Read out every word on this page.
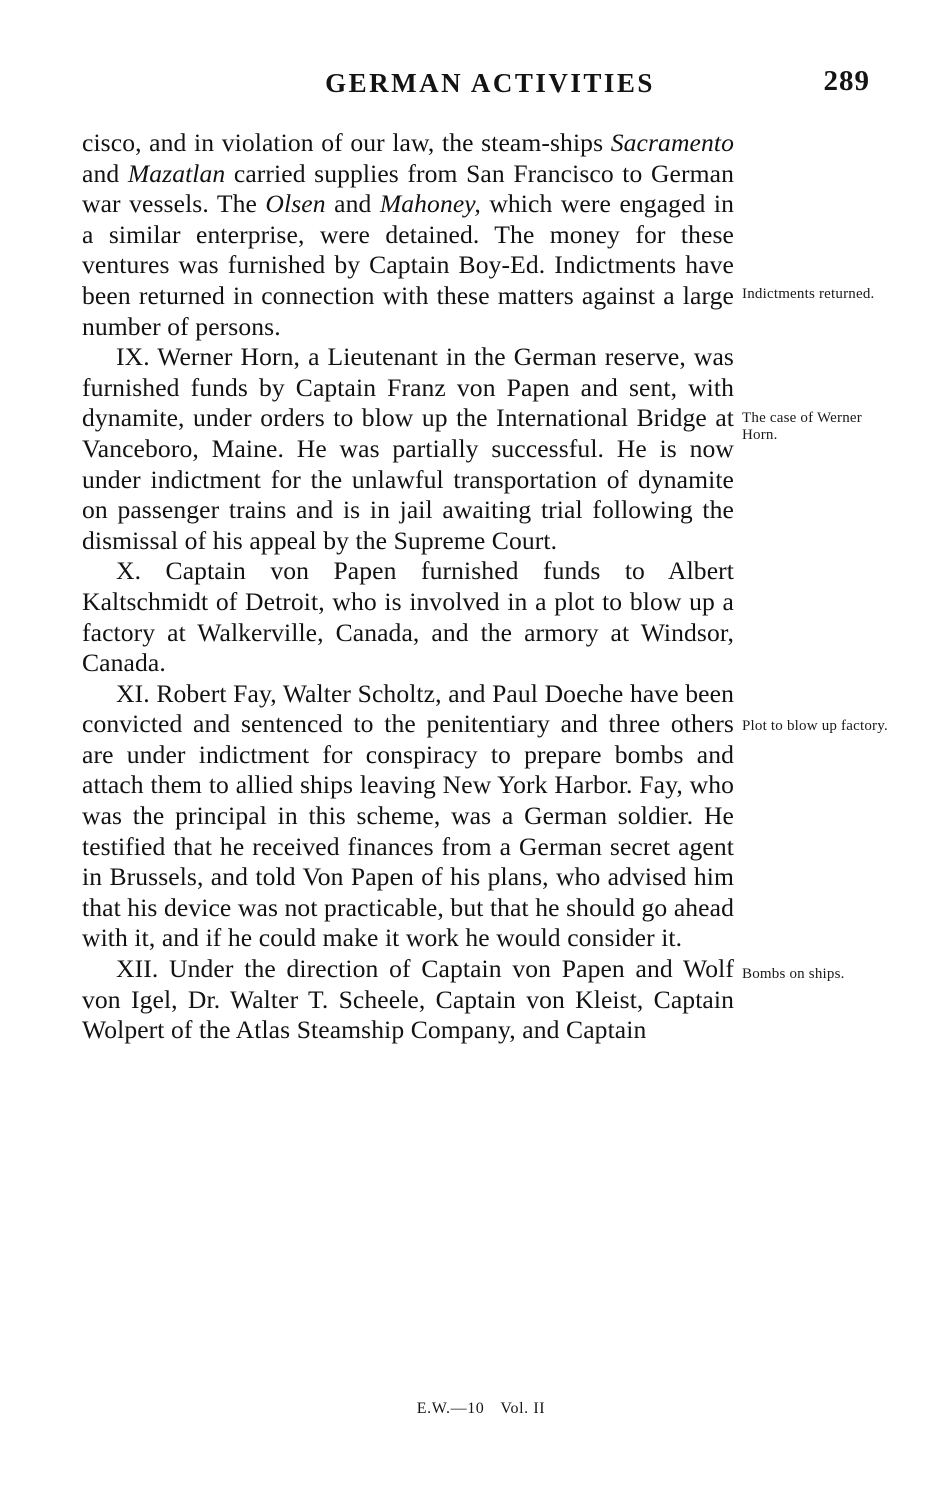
GERMAN ACTIVITIES	289

cisco, and in violation of our law, the steam-ships Sacramento and Mazatlan carried supplies from San Francisco to German war vessels. The Olsen and Mahoney, which were engaged in a similar enterprise, were detained. The money for these ventures was furnished by Captain Boy-Ed. Indictments have been returned in connection with these matters against a large number of persons.

IX. Werner Horn, a Lieutenant in the German reserve, was furnished funds by Captain Franz von Papen and sent, with dynamite, under orders to blow up the International Bridge at Vanceboro, Maine. He was partially successful. He is now under indictment for the unlawful transportation of dynamite on passenger trains and is in jail awaiting trial following the dismissal of his appeal by the Supreme Court.

X. Captain von Papen furnished funds to Albert Kaltschmidt of Detroit, who is involved in a plot to blow up a factory at Walkerville, Canada, and the armory at Windsor, Canada.

XI. Robert Fay, Walter Scholtz, and Paul Doeche have been convicted and sentenced to the penitentiary and three others are under indictment for conspiracy to prepare bombs and attach them to allied ships leaving New York Harbor. Fay, who was the principal in this scheme, was a German soldier. He testified that he received finances from a German secret agent in Brussels, and told Von Papen of his plans, who advised him that his device was not practicable, but that he should go ahead with it, and if he could make it work he would consider it.

XII. Under the direction of Captain von Papen and Wolf von Igel, Dr. Walter T. Scheele, Captain von Kleist, Captain Wolpert of the Atlas Steamship Company, and Captain

Indictments returned.
The case of Werner Horn.
Plot to blow up factory.
Bombs on ships.
E.W.—10 Vol. II
